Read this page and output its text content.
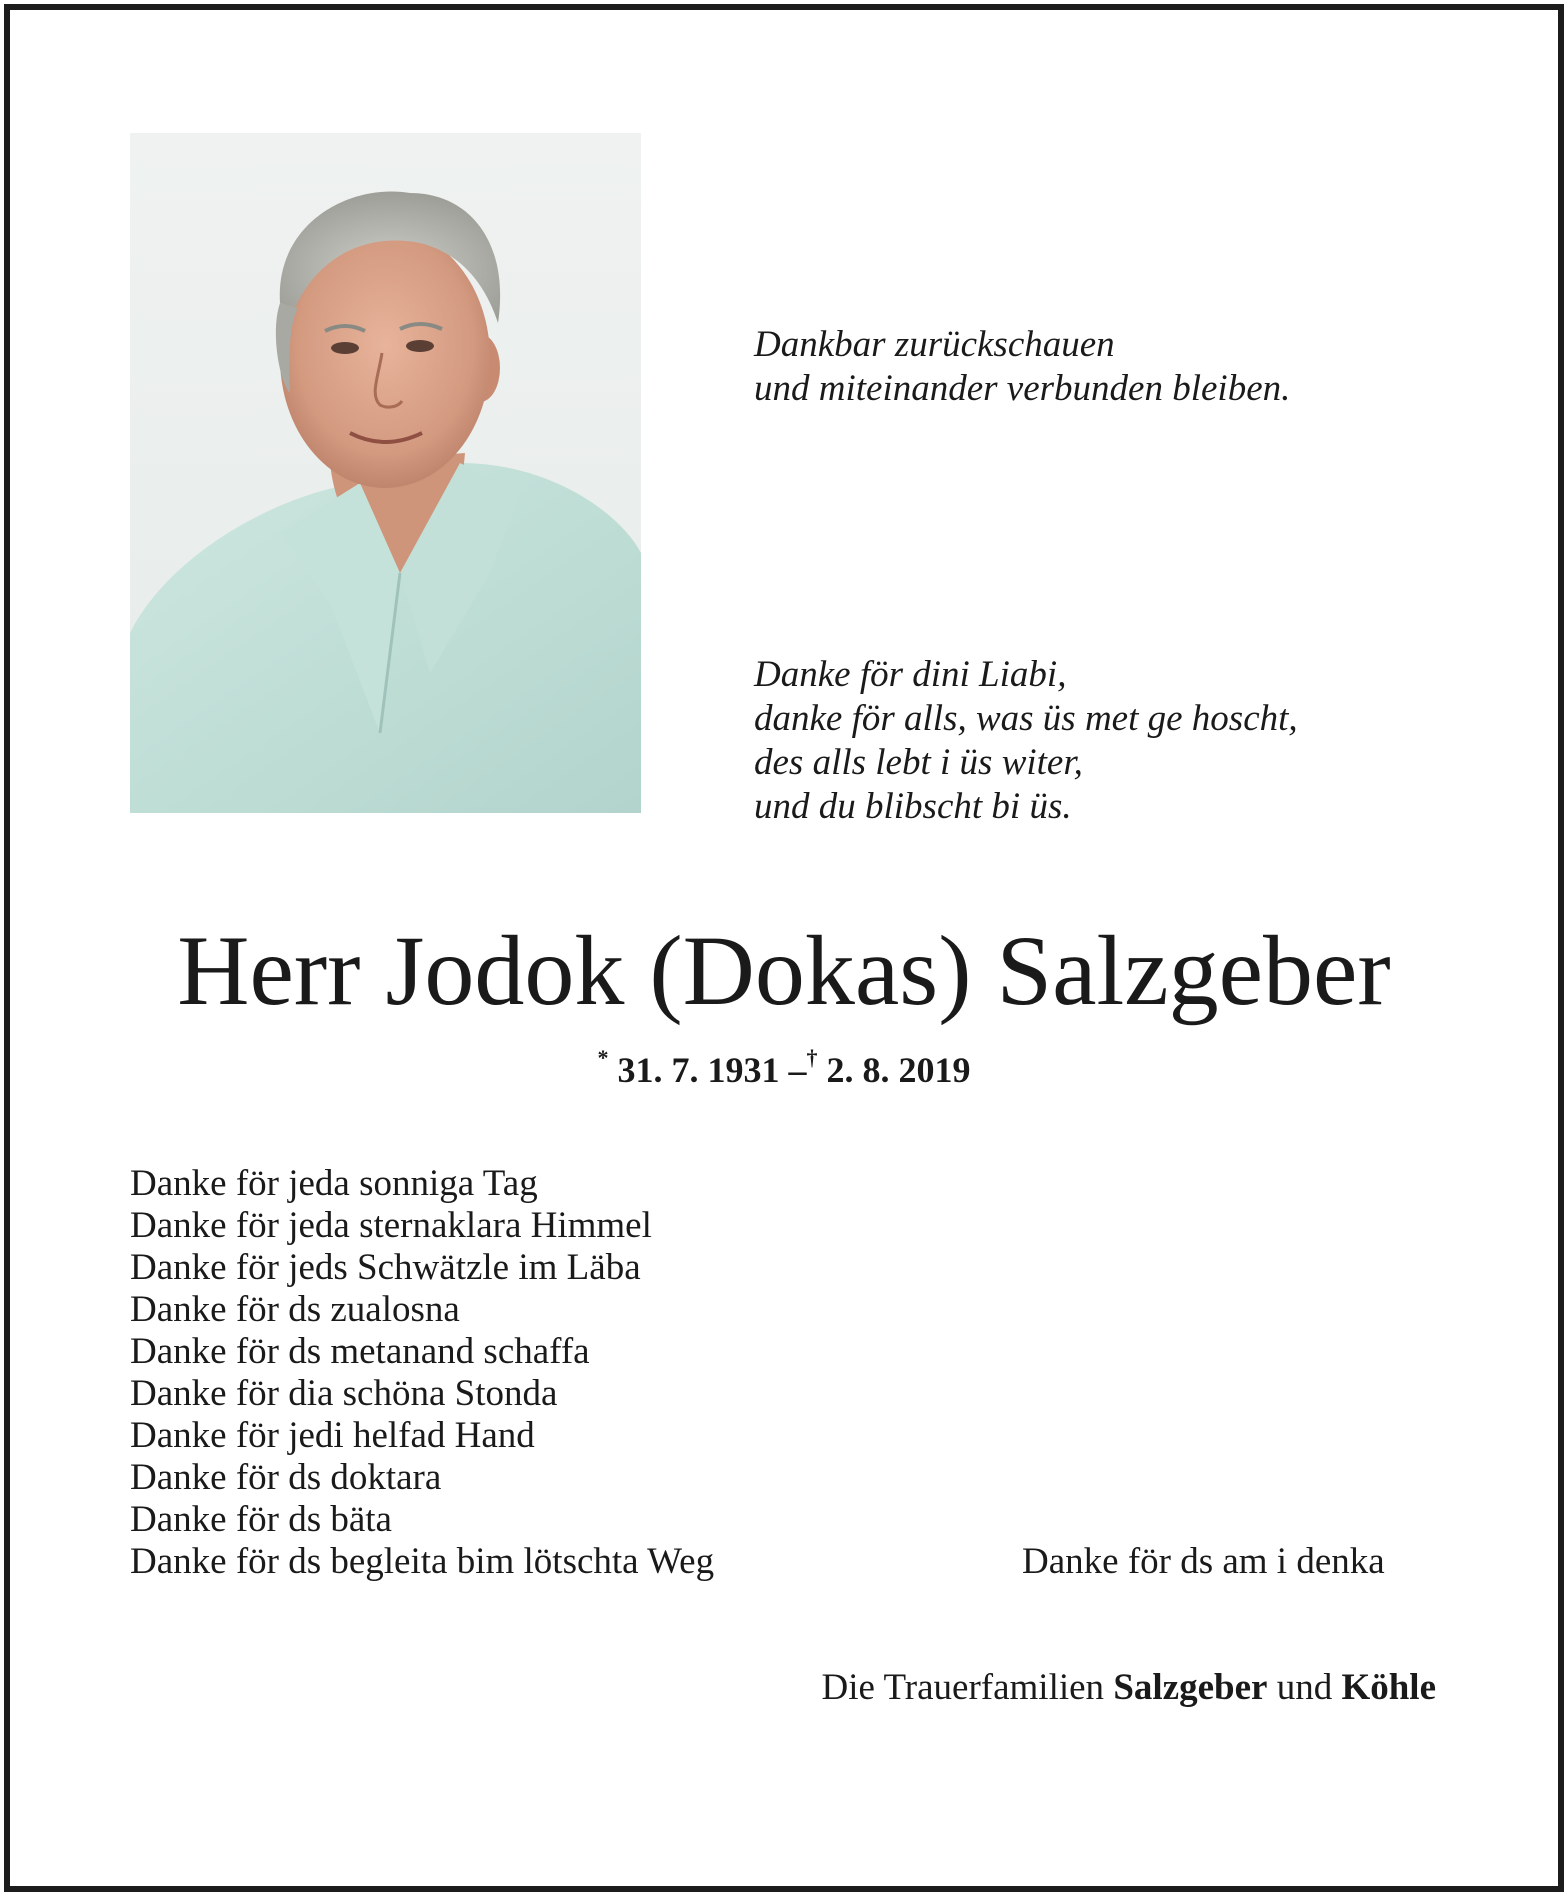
Dankbar zurückschauen
und miteinander verbunden bleiben.
Danke för dini Liabi,
danke för alls, was üs met ge hoscht,
des alls lebt i üs witer,
und du blibscht bi üs.
Herr Jodok (Dokas) Salzgeber
* 31. 7. 1931 –† 2. 8. 2019
Danke för jeda sonniga Tag
Danke för jeda sternaklara Himmel
Danke för jeds Schwätzle im Läba
Danke för ds zualosna
Danke för ds metanand schaffa
Danke för dia schöna Stonda
Danke för jedi helfad Hand
Danke för ds doktara
Danke för ds bäta
Danke för ds begleita bim lötschta Weg	Danke för ds am i denka
Die Trauerfamilien Salzgeber und Köhle
